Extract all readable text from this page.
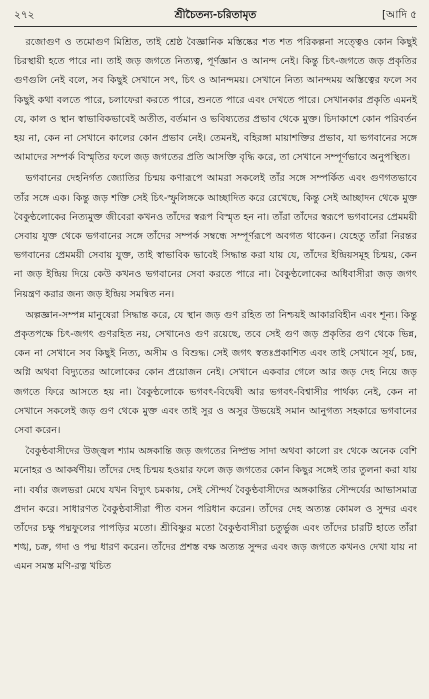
২৭২	শ্রীচৈতন্য-চরিতামৃত	[আদি ৫

রজোগুণ ও তমোগুণ মিশ্রিত, তাই শ্রেষ্ঠ বৈজ্ঞানিক মস্তিষ্কের শত শত পরিকল্পনা সত্ত্বেও কোন কিছুই চিরস্থায়ী হতে পারে না। তাই জড় জগতে নিত্যত্ব, পূর্ণজ্ঞান ও আনন্দ নেই। কিন্তু চিৎ-জগতে জড় প্রকৃতির গুণগুলি নেই বলে, সব কিছুই সেখানে সৎ, চিৎ ও আনন্দময়। সেখানে নিত্য আনন্দময় অস্তিত্বের ফলে সব কিছুই কথা বলতে পারে, চলাফেরা করতে পারে, শুনতে পারে এবং দেখতে পারে। সেখানকার প্রকৃতি এমনই যে, কাল ও স্থান স্বাভাবিকভাবেই অতীত, বর্তমান ও ভবিষ্যতের প্রভাব থেকে মুক্ত। চিদাকাশে কোন পরিবর্তন হয় না, কেন না সেখানে কালের কোন প্রভাব নেই। তেমনই, বহিরঙ্গা মায়াশক্তির প্রভাব, যা ভগবানের সঙ্গে আমাদের সম্পর্ক বিস্মৃতির ফলে জড় জগতের প্রতি আসক্তি বৃদ্ধি করে, তা সেখানে সম্পূর্ণভাবে অনুপস্থিত।

ভগবানের দেহনির্গত জ্যোতির চিন্ময় কণারূপে আমরা সকলেই তাঁর সঙ্গে সম্পর্কিত এবং গুণগতভাবে তাঁর সঙ্গে এক। কিন্তু জড় শক্তি সেই চিৎ-স্ফুলিঙ্গকে আচ্ছাদিত করে রেখেছে, কিন্তু সেই আচ্ছাদন থেকে মুক্ত বৈকুণ্ঠলোকের নিত্যমুক্ত জীবেরা কখনও তাঁদের স্বরূপ বিস্মৃত হন না। তাঁরা তাঁদের স্বরূপে ভগবানের প্রেমময়ী সেবায় যুক্ত থেকে ভগবানের সঙ্গে তাঁদের সম্পর্ক সম্বন্ধে সম্পূর্ণরূপে অবগত থাকেন। যেহেতু তাঁরা নিরন্তর ভগবানের প্রেমময়ী সেবায় যুক্ত, তাই স্বাভাবিক ভাবেই সিদ্ধান্ত করা যায় যে, তাঁদের ইন্দ্রিয়সমূহ চিন্ময়, কেন না জড় ইন্দ্রিয় দিয়ে কেউ কখনও ভগবানের সেবা করতে পারে না। বৈকুণ্ঠলোকের অধিবাসীরা জড় জগৎ নিয়ন্ত্রণ করার জন্য জড় ইন্দ্রিয় সমন্বিত নন।

অল্পজ্ঞান-সম্পন্ন মানুষেরা সিদ্ধান্ত করে, যে স্থান জড় গুণ রহিত তা নিশ্চয়ই আকারবিহীন এবং শূন্য। কিন্তু প্রকৃতপক্ষে চিৎ-জগৎ গুণরহিত নয়, সেখানেও গুণ রয়েছে, তবে সেই গুণ জড় প্রকৃতির গুণ থেকে ভিন্ন, কেন না সেখানে সব কিছুই নিত্য, অসীম ও বিশুদ্ধ। সেই জগৎ স্বতঃপ্রকাশিত এবং তাই সেখানে সূর্য, চন্দ্র, অগ্নি অথবা বিদ্যুতের আলোকের কোন প্রয়োজন নেই। সেখানে একবার গেলে আর জড় দেহ নিয়ে জড় জগতে ফিরে আসতে হয় না। বৈকুণ্ঠলোকে ভগবৎ-বিদ্বেষী আর ভগবৎ-বিশ্বাসীর পার্থক্য নেই, কেন না সেখানে সকলেই জড় গুণ থেকে মুক্ত এবং তাই সুর ও অসুর উভয়েই সমান আনুগত্য সহকারে ভগবানের সেবা করেন।

বৈকুণ্ঠবাসীদের উজ্জ্বল শ্যাম অঙ্গকান্তি জড় জগতের নিষ্প্রভ সাদা অথবা কালো রং থেকে অনেক বেশি মনোহর ও আকর্ষণীয়। তাঁদের দেহ চিন্ময় হওয়ার ফলে জড় জগতের কোন কিছুর সঙ্গেই তার তুলনা করা যায় না। বর্ষার জলভরা মেঘে যখন বিদ্যুৎ চমকায়, সেই সৌন্দর্য বৈকুণ্ঠবাসীদের অঙ্গকান্তির সৌন্দর্যের আভাসমাত্র প্রদান করে। সাধারণত বৈকুণ্ঠবাসীরা পীত বসন পরিধান করেন। তাঁদের দেহ অত্যন্ত কোমল ও সুন্দর এবং তাঁদের চক্ষু পদ্মফুলের পাপড়ির মতো। শ্রীবিষ্ণুর মতো বৈকুণ্ঠবাসীরা চতুর্ভুজ এবং তাঁদের চারটি হাতে তাঁরা শঙ্খ, চক্র, গদা ও পদ্ম ধারণ করেন। তাঁদের প্রশস্ত বক্ষ অত্যন্ত সুন্দর এবং জড় জগতে কখনও দেখা যায় না এমন সমস্ত মণি-রত্ন খচিত
